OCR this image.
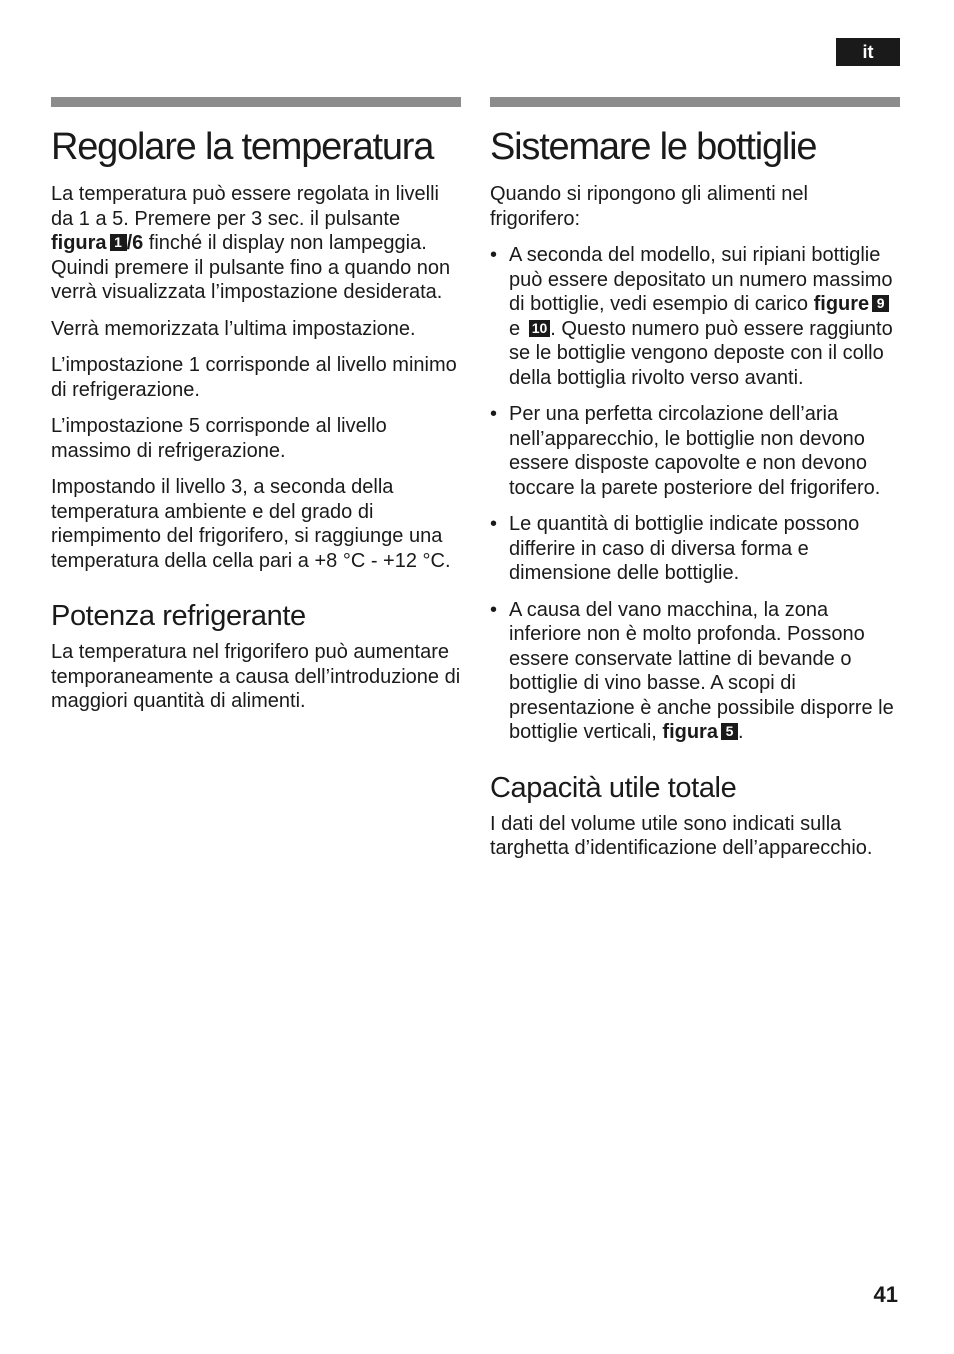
it
Regolare la temperatura

La temperatura può essere regolata in livelli da 1 a 5. Premere per 3 sec. il pulsante figura 1 /6 finché il display non lampeggia. Quindi premere il pulsante fino a quando non verrà visualizzata l’impostazione desiderata.

Verrà memorizzata l’ultima impostazione.

L’impostazione 1 corrisponde al livello minimo di refrigerazione.

L’impostazione 5 corrisponde al livello massimo di refrigerazione.

Impostando il livello 3, a seconda della temperatura ambiente e del grado di riempimento del frigorifero, si raggiunge una temperatura della cella pari a +8 °C - +12 °C.

Potenza refrigerante

La temperatura nel frigorifero può aumentare temporaneamente a causa dell’introduzione di maggiori quantità di alimenti.

Sistemare le bottiglie

Quando si ripongono gli alimenti nel frigorifero:

• A seconda del modello, sui ripiani bottiglie può essere depositato un numero massimo di bottiglie, vedi esempio di carico figure 9 e 10 . Questo numero può essere raggiunto se le bottiglie vengono deposte con il collo della bottiglia rivolto verso avanti.
• Per una perfetta circolazione dell’aria nell’apparecchio, le bottiglie non devono essere disposte capovolte e non devono toccare la parete posteriore del frigorifero.
• Le quantità di bottiglie indicate possono differire in caso di diversa forma e dimensione delle bottiglie.
• A causa del vano macchina, la zona inferiore non è molto profonda. Possono essere conservate lattine di bevande o bottiglie di vino basse. A scopi di presentazione è anche possibile disporre le bottiglie verticali, figura 5 .
Capacità utile totale

I dati del volume utile sono indicati sulla targhetta d’identificazione dell’apparecchio.

41
